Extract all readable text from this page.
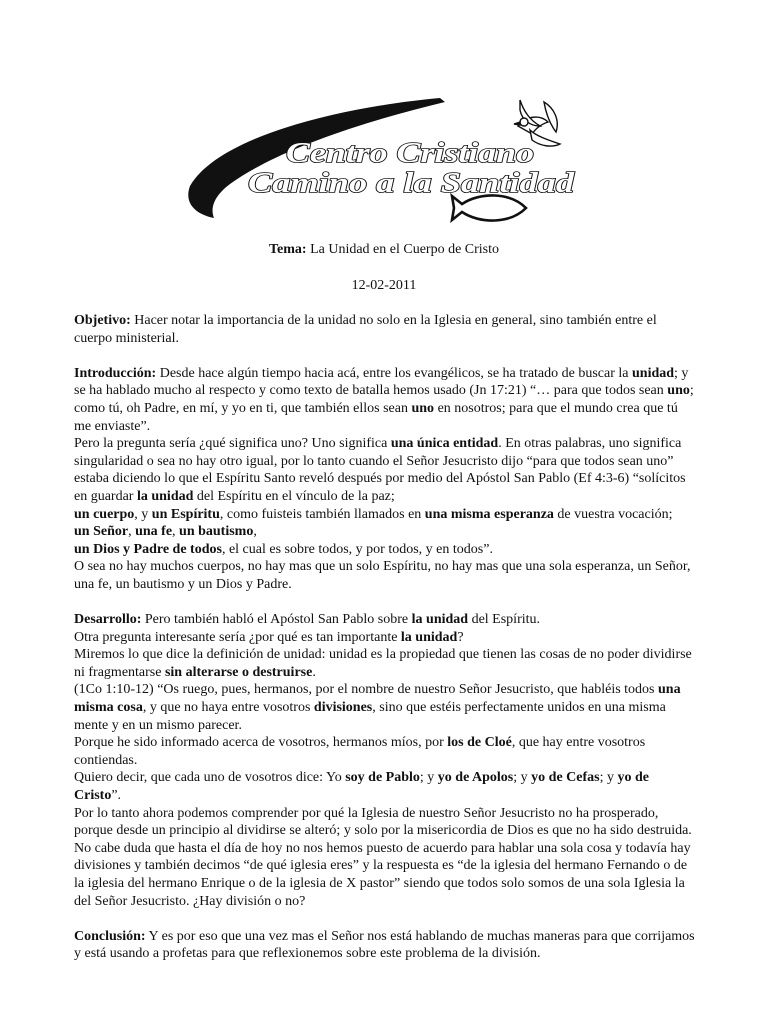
Centro Cristiano
Camino a la Santidad
Tema: La Unidad en el Cuerpo de Cristo
12-02-2011

Objetivo: Hacer notar la importancia de la unidad no solo en la Iglesia en general, sino también entre el cuerpo ministerial.

Introducción: Desde hace algún tiempo hacia acá, entre los evangélicos, se ha tratado de buscar la unidad; y se ha hablado mucho al respecto y como texto de batalla hemos usado (Jn 17:21) “… para que todos sean uno; como tú, oh Padre, en mí, y yo en ti, que también ellos sean uno en nosotros; para que el mundo crea que tú me enviaste”.

Pero la pregunta sería ¿qué significa uno? Uno significa una única entidad. En otras palabras, uno significa singularidad o sea no hay otro igual, por lo tanto cuando el Señor Jesucristo dijo “para que todos sean uno” estaba diciendo lo que el Espíritu Santo reveló después por medio del Apóstol San Pablo (Ef 4:3-6) “solícitos en guardar la unidad del Espíritu en el vínculo de la paz;

un cuerpo, y un Espíritu, como fuisteis también llamados en una misma esperanza de vuestra vocación;

un Señor, una fe, un bautismo,

un Dios y Padre de todos, el cual es sobre todos, y por todos, y en todos”.

O sea no hay muchos cuerpos, no hay mas que un solo Espíritu, no hay mas que una sola esperanza, un Señor, una fe, un bautismo y un Dios y Padre.

Desarrollo: Pero también habló el Apóstol San Pablo sobre la unidad del Espíritu.

Otra pregunta interesante sería ¿por qué es tan importante la unidad?

Miremos lo que dice la definición de unidad: unidad es la propiedad que tienen las cosas de no poder dividirse ni fragmentarse sin alterarse o destruirse.

(1Co 1:10-12) “Os ruego, pues, hermanos, por el nombre de nuestro Señor Jesucristo, que habléis todos una misma cosa, y que no haya entre vosotros divisiones, sino que estéis perfectamente unidos en una misma mente y en un mismo parecer.

Porque he sido informado acerca de vosotros, hermanos míos, por los de Cloé, que hay entre vosotros contiendas.

Quiero decir, que cada uno de vosotros dice: Yo soy de Pablo; y yo de Apolos; y yo de Cefas; y yo de Cristo”.

Por lo tanto ahora podemos comprender por qué la Iglesia de nuestro Señor Jesucristo no ha prosperado, porque desde un principio al dividirse se alteró; y solo por la misericordia de Dios es que no ha sido destruida.

No cabe duda que hasta el día de hoy no nos hemos puesto de acuerdo para hablar una sola cosa y todavía hay divisiones y también decimos “de qué iglesia eres” y la respuesta es “de la iglesia del hermano Fernando o de la iglesia del hermano Enrique o de la iglesia de X pastor” siendo que todos solo somos de una sola Iglesia la del Señor Jesucristo. ¿Hay división o no?

Conclusión: Y es por eso que una vez mas el Señor nos está hablando de muchas maneras para que corrijamos y está usando a profetas para que reflexionemos sobre este problema de la división.
